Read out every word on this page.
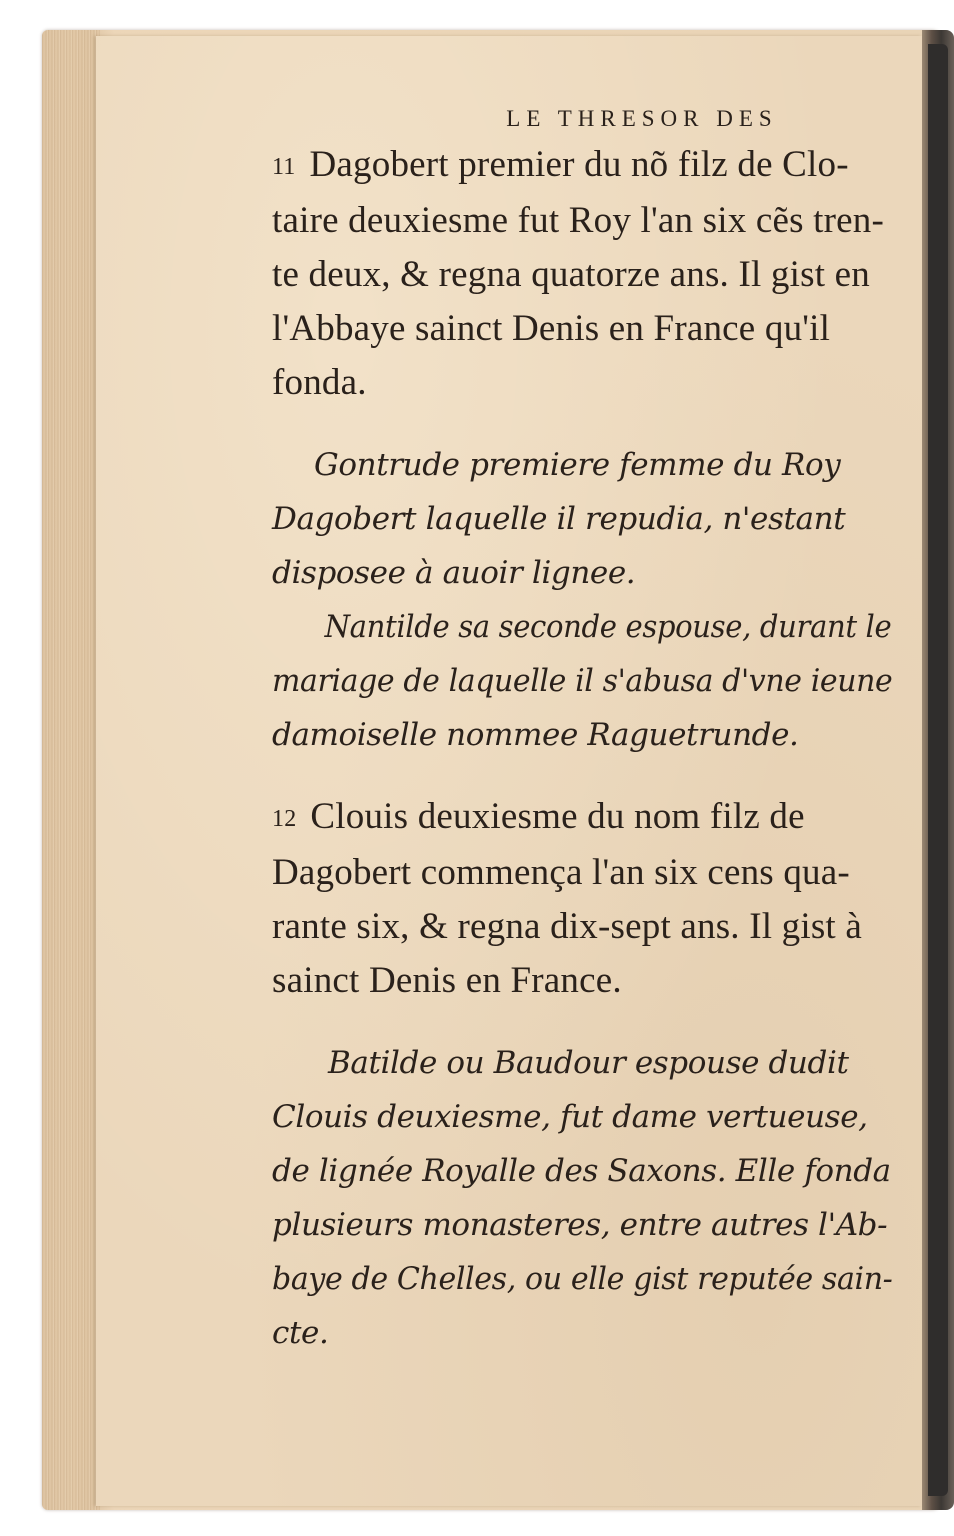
LE THRESOR DES

11 Dagobert premier du nõ filz de Clo-
taire deuxiesme fut Roy l'an six cẽs tren-
te deux, & regna quatorze ans. Il gist en
l'Abbaye sainct Denis en France qu'il
fonda.

Gontrude premiere femme du Roy
Dagobert laquelle il repudia, n'estant
disposee à auoir lignee.

Nantilde sa seconde espouse, durant le
mariage de laquelle il s'abusa d'vne ieune
damoiselle nommee Raguetrunde.

12 Clouis deuxiesme du nom filz de
Dagobert commença l'an six cens qua-
rante six, & regna dix-sept ans. Il gist à
sainct Denis en France.

Batilde ou Baudour espouse dudit
Clouis deuxiesme, fut dame vertueuse,
de lignée Royalle des Saxons. Elle fonda
plusieurs monasteres, entre autres l'Ab-
baye de Chelles, ou elle gist reputée sain-
cte.
